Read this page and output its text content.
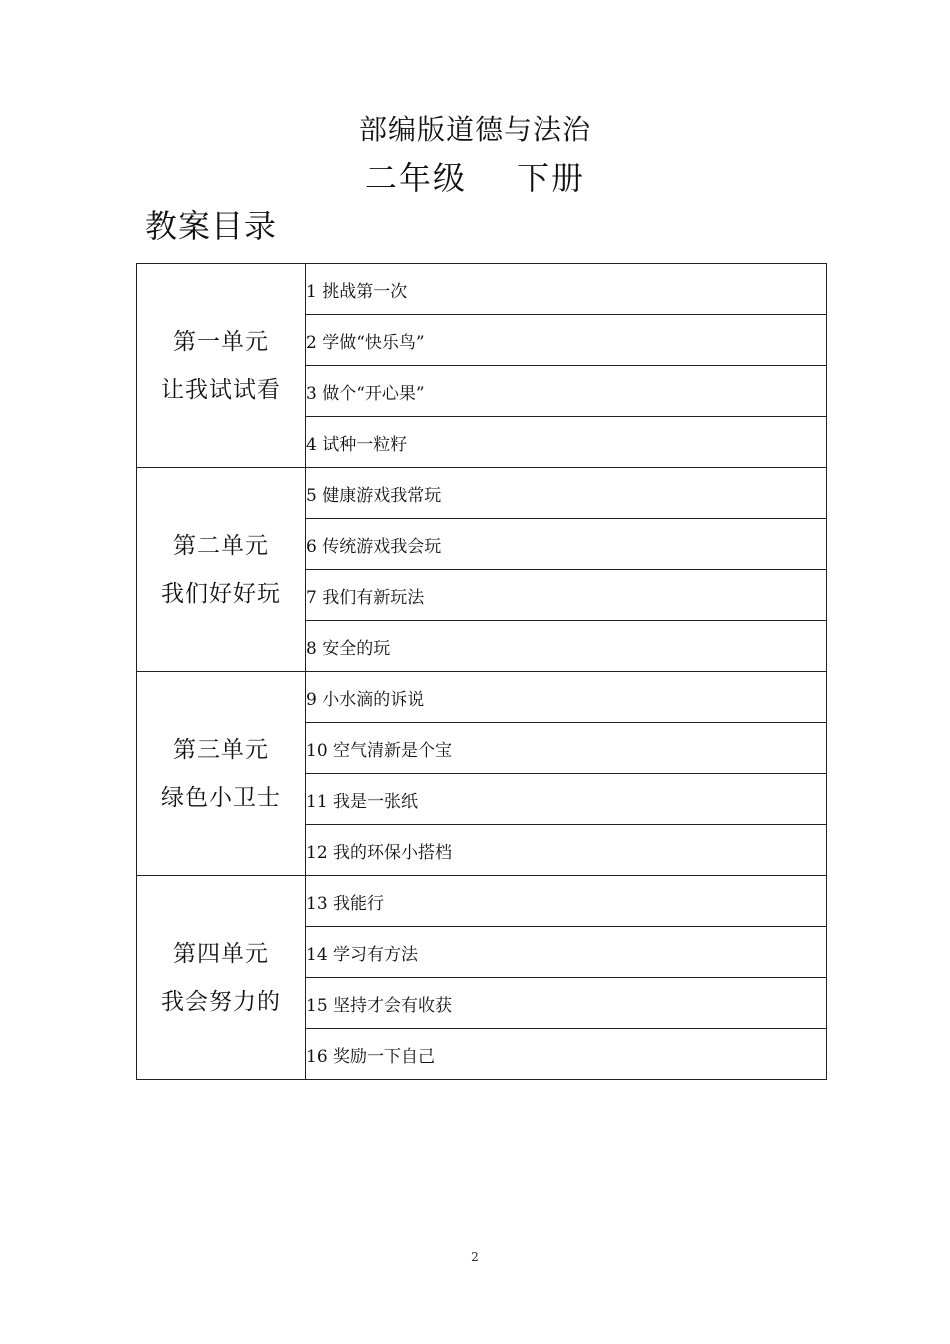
部编版道德与法治
二年级 下册
教案目录
第一单元
让我试试看	1 挑战第一次
	2 学做“快乐鸟”
	3 做个“开心果”
	4 试种一粒籽

第二单元
我们好好玩	5 健康游戏我常玩
	6 传统游戏我会玩
	7 我们有新玩法
	8 安全的玩

第三单元
绿色小卫士	9 小水滴的诉说
	10 空气清新是个宝
	11 我是一张纸
	12 我的环保小搭档

第四单元
我会努力的	13 我能行
	14 学习有方法
	15 坚持才会有收获
	16 奖励一下自己
2
